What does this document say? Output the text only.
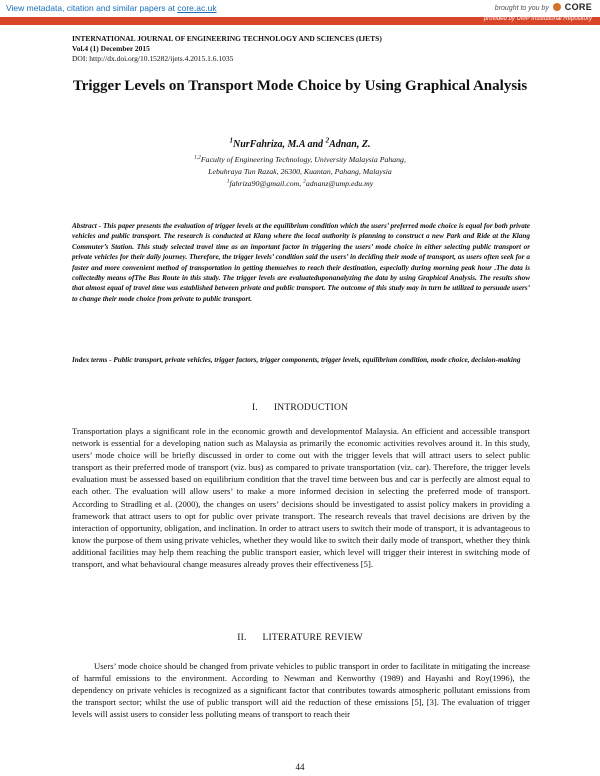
View metadata, citation and similar papers at core.ac.uk	brought to you by CORE
provided by UMP Institutional Repository
INTERNATIONAL JOURNAL OF ENGINEERING TECHNOLOGY AND SCIENCES (IJETS)
Vol.4 (1) December 2015
DOI: http://dx.doi.org/10.15282/ijets.4.2015.1.6.1035
Trigger Levels on Transport Mode Choice by Using Graphical Analysis
$^1$NurFahriza, M.A and $^2$Adnan, Z.
$^{1,2}$Faculty of Engineering Technology, University Malaysia Pahang,
Lebuhraya Tun Razak, 26300, Kuantan, Pahang, Malaysia
$^1$fahriza90@gmail.com, $^2$adnanz@ump.edu.my
Abstract - This paper presents the evaluation of trigger levels at the equilibrium condition which the users’ preferred mode choice is equal for both private vehicles and public transport. The research is conducted at Klang where the local authority is planning to construct a new Park and Ride at the Klang Commuter’s Station. This study selected travel time as an important factor in triggering the users’ mode choice in either selecting public transport or private vehicles for their daily journey. Therefore, the trigger levels’ condition said the users’ in deciding their mode of transport, as users often seek for a faster and more convenient method of transportation in getting themselves to reach their destination, especially during morning peak hour .The data is collectedby means ofThe Bus Route in this study. The trigger levels are evaluateduponanalyzing the data by using Graphical Analysis. The results show that almost equal of travel time was established between private and public transport. The outcome of this study may in turn be utilized to persuade users’ to change their mode choice from private to public transport.
Index terms - Public transport, private vehicles, trigger factors, trigger components, trigger levels, equilibrium condition, mode choice, decision-making
I. INTRODUCTION
Transportation plays a significant role in the economic growth and developmentof Malaysia. An efficient and accessible transport network is essential for a developing nation such as Malaysia as primarily the economic activities revolves around it. In this study, users’ mode choice will be briefly discussed in order to come out with the trigger levels that will attract users to select public transport as their preferred mode of transport (viz. bus) as compared to private transportation (viz. car). Therefore, the trigger levels evaluation must be assessed based on equilibrium condition that the travel time between bus and car is perfectly are almost equal to each other. The evaluation will allow users’ to make a more informed decision in selecting the preferred mode of transport. According to Stradling et al. (2000), the changes on users’ decisions should be investigated to assist policy makers in providing a framework that attract users to opt for public over private transport. The research reveals that travel decisions are driven by the interaction of opportunity, obligation, and inclination. In order to attract users to switch their mode of transport, it is advantageous to know the purpose of them using private vehicles, whether they would like to switch their daily mode of transport, whether they think additional facilities may help them reaching the public transport easier, which level will trigger their interest in switching mode of transport, and what behavioural change measures already proves their effectiveness [5].
II. LITERATURE REVIEW
Users’ mode choice should be changed from private vehicles to public transport in order to facilitate in mitigating the increase of harmful emissions to the environment. According to Newman and Kenworthy (1989) and Hayashi and Roy(1996), the dependency on private vehicles is recognized as a significant factor that contributes towards atmospheric pollutant emissions from the transport sector; whilst the use of public transport will aid the reduction of these emissions [5], [3]. The evaluation of trigger levels will assist users to consider less polluting means of transport to reach their
44
